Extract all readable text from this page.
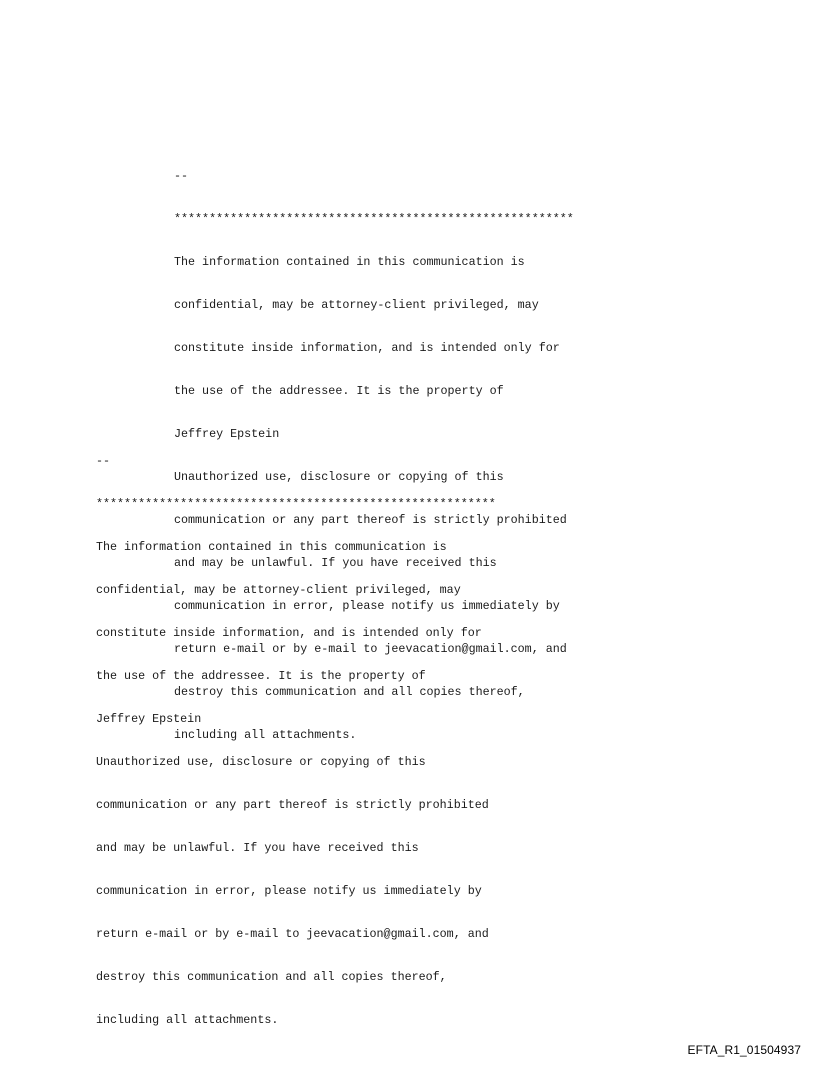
--

*********************************************************

The information contained in this communication is

confidential, may be attorney-client privileged, may

constitute inside information, and is intended only for

the use of the addressee. It is the property of

Jeffrey Epstein

Unauthorized use, disclosure or copying of this

communication or any part thereof is strictly prohibited

and may be unlawful. If you have received this

communication in error, please notify us immediately by

return e-mail or by e-mail to jeevacation@gmail.com, and

destroy this communication and all copies thereof,

including all attachments.

--

*********************************************************

The information contained in this communication is

confidential, may be attorney-client privileged, may

constitute inside information, and is intended only for

the use of the addressee. It is the property of

Jeffrey Epstein

Unauthorized use, disclosure or copying of this

communication or any part thereof is strictly prohibited

and may be unlawful. If you have received this

communication in error, please notify us immediately by

return e-mail or by e-mail to jeevacation@gmail.com, and

destroy this communication and all copies thereof,

including all attachments.

EFTA_R1_01504937
